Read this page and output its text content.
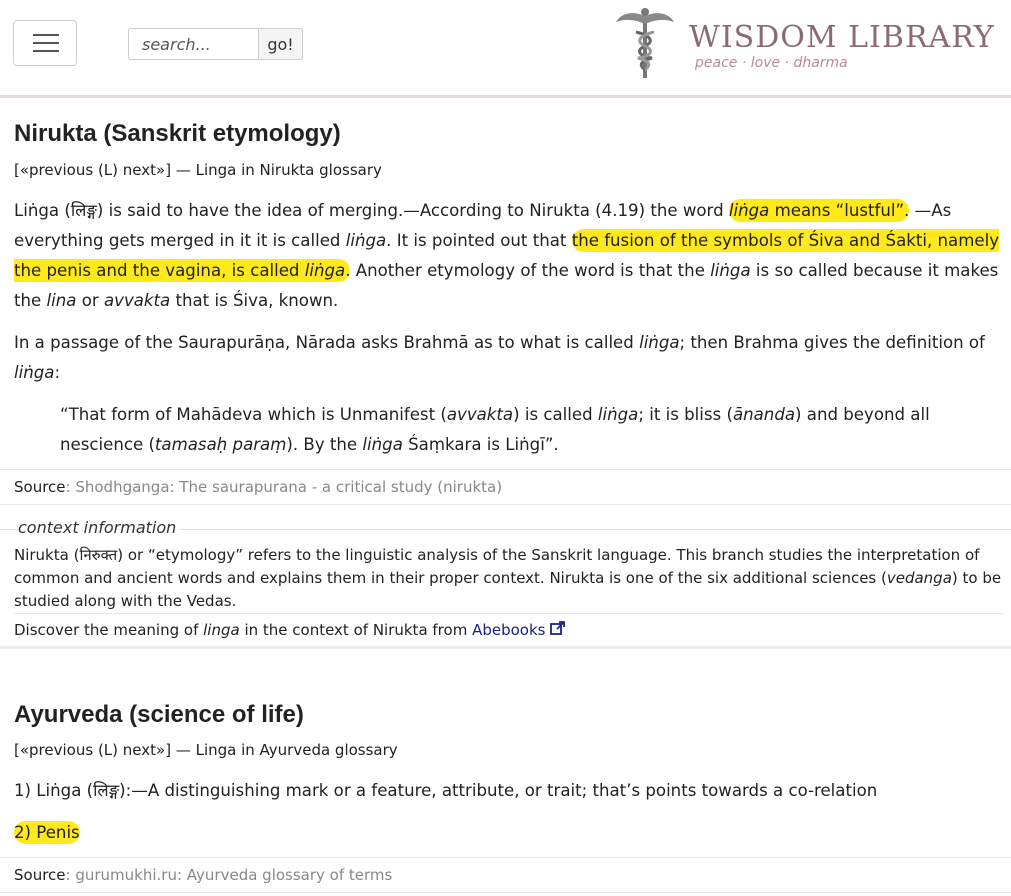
search...
go!	WISDOM LIBRARY
peace · love · dharma
Nirukta (Sanskrit etymology)
[«previous (L) next»] — Linga in Nirukta glossary
Liṅga (लिङ्ग) is said to have the idea of merging.—According to Nirukta (4.19) the word liṅga means “lustful”. —As everything gets merged in it it is called liṅga. It is pointed out that the fusion of the symbols of Śiva and Śakti, namely the penis and the vagina, is called liṅga. Another etymology of the word is that the liṅga is so called because it makes the lina or avvakta that is Śiva, known.
In a passage of the Saurapurāṇa, Nārada asks Brahmā as to what is called liṅga; then Brahma gives the definition of liṅga:
“That form of Mahādeva which is Unmanifest (avvakta) is called liṅga; it is bliss (ānanda) and beyond all nescience (tamasaḥ paraṃ). By the liṅga Śaṃkara is Liṅgī”.
Source: Shodhganga: The saurapurana - a critical study (nirukta)
context information
Nirukta (निरुक्त) or “etymology” refers to the linguistic analysis of the Sanskrit language. This branch studies the interpretation of common and ancient words and explains them in their proper context. Nirukta is one of the six additional sciences (vedanga) to be studied along with the Vedas.
Discover the meaning of linga in the context of Nirukta from Abebooks
Ayurveda (science of life)
[«previous (L) next»] — Linga in Ayurveda glossary
1) Liṅga (लिङ्ग):—A distinguishing mark or a feature, attribute, or trait; that’s points towards a co-relation
2) Penis
Source: gurumukhi.ru: Ayurveda glossary of terms
